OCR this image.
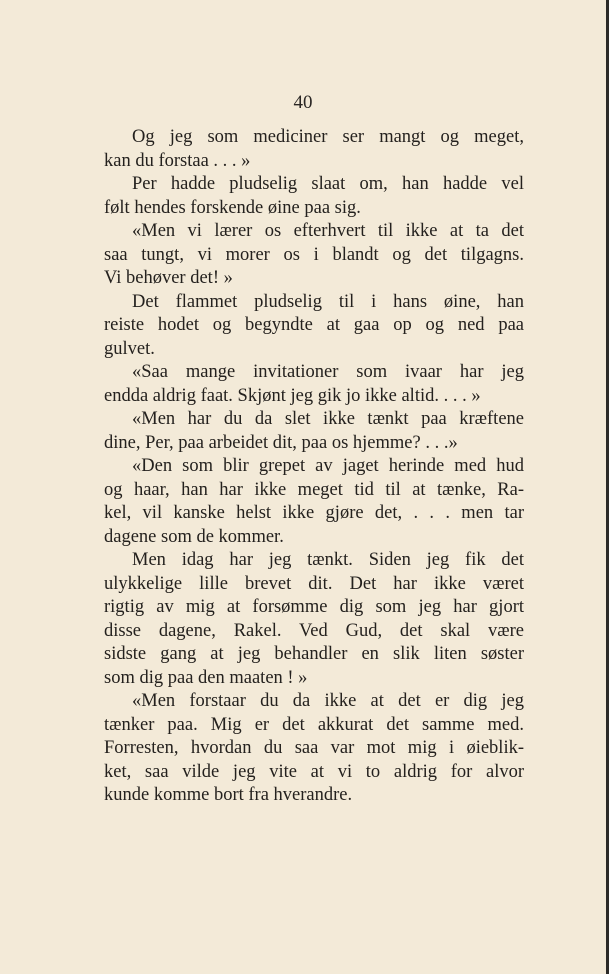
40
Og jeg som mediciner ser mangt og meget,
kan du forstaa . . . »
Per hadde pludselig slaat om, han hadde vel
følt hendes forskende øine paa sig.
«Men vi lærer os efterhvert til ikke at ta det
saa tungt, vi morer os i blandt og det tilgagns.
Vi behøver det! »
Det flammet pludselig til i hans øine, han
reiste hodet og begyndte at gaa op og ned paa
gulvet.
«Saa mange invitationer som ivaar har jeg
endda aldrig faat. Skjønt jeg gik jo ikke altid. . . . »
«Men har du da slet ikke tænkt paa kræftene
dine, Per, paa arbeidet dit, paa os hjemme? . . .»
«Den som blir grepet av jaget herinde med hud
og haar, han har ikke meget tid til at tænke, Ra-
kel, vil kanske helst ikke gjøre det, . . . men tar
dagene som de kommer.
Men idag har jeg tænkt. Siden jeg fik det
ulykkelige lille brevet dit. Det har ikke været
rigtig av mig at forsømme dig som jeg har gjort
disse dagene, Rakel. Ved Gud, det skal være
sidste gang at jeg behandler en slik liten søster
som dig paa den maaten ! »
«Men forstaar du da ikke at det er dig jeg
tænker paa. Mig er det akkurat det samme med.
Forresten, hvordan du saa var mot mig i øieblik-
ket, saa vilde jeg vite at vi to aldrig for alvor
kunde komme bort fra hverandre.
